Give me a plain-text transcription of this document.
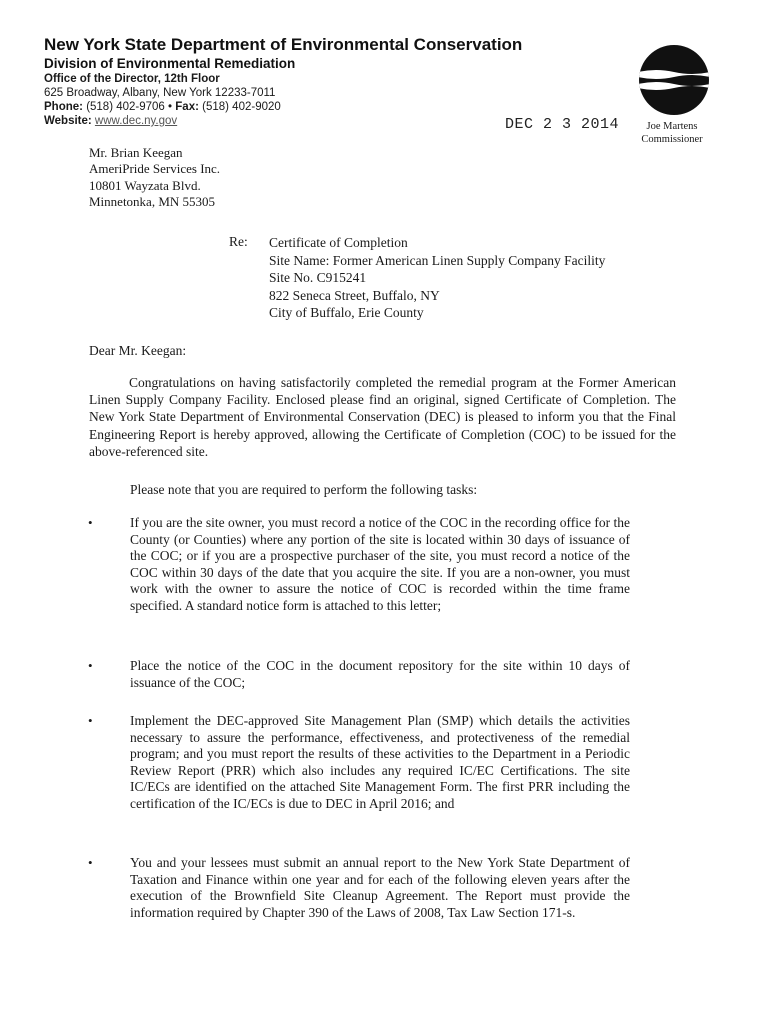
New York State Department of Environmental Conservation
Division of Environmental Remediation
Office of the Director, 12th Floor
625 Broadway, Albany, New York 12233-7011
Phone: (518) 402-9706 • Fax: (518) 402-9020
Website: www.dec.ny.gov	DEC 2 3 2014	Joe Martens
Commissioner
Mr. Brian Keegan
AmeriPride Services Inc.
10801 Wayzata Blvd.
Minnetonka, MN 55305
Re: Certificate of Completion
Site Name: Former American Linen Supply Company Facility
Site No. C915241
822 Seneca Street, Buffalo, NY
City of Buffalo, Erie County
Dear Mr. Keegan:
Congratulations on having satisfactorily completed the remedial program at the Former American Linen Supply Company Facility. Enclosed please find an original, signed Certificate of Completion. The New York State Department of Environmental Conservation (DEC) is pleased to inform you that the Final Engineering Report is hereby approved, allowing the Certificate of Completion (COC) to be issued for the above-referenced site.
Please note that you are required to perform the following tasks:
•	If you are the site owner, you must record a notice of the COC in the recording office for the County (or Counties) where any portion of the site is located within 30 days of issuance of the COC; or if you are a prospective purchaser of the site, you must record a notice of the COC within 30 days of the date that you acquire the site. If you are a non-owner, you must work with the owner to assure the notice of COC is recorded within the time frame specified. A standard notice form is attached to this letter;
•	Place the notice of the COC in the document repository for the site within 10 days of issuance of the COC;
•	Implement the DEC-approved Site Management Plan (SMP) which details the activities necessary to assure the performance, effectiveness, and protectiveness of the remedial program; and you must report the results of these activities to the Department in a Periodic Review Report (PRR) which also includes any required IC/EC Certifications. The site IC/ECs are identified on the attached Site Management Form. The first PRR including the certification of the IC/ECs is due to DEC in April 2016; and
•	You and your lessees must submit an annual report to the New York State Department of Taxation and Finance within one year and for each of the following eleven years after the execution of the Brownfield Site Cleanup Agreement. The Report must provide the information required by Chapter 390 of the Laws of 2008, Tax Law Section 171-s.
